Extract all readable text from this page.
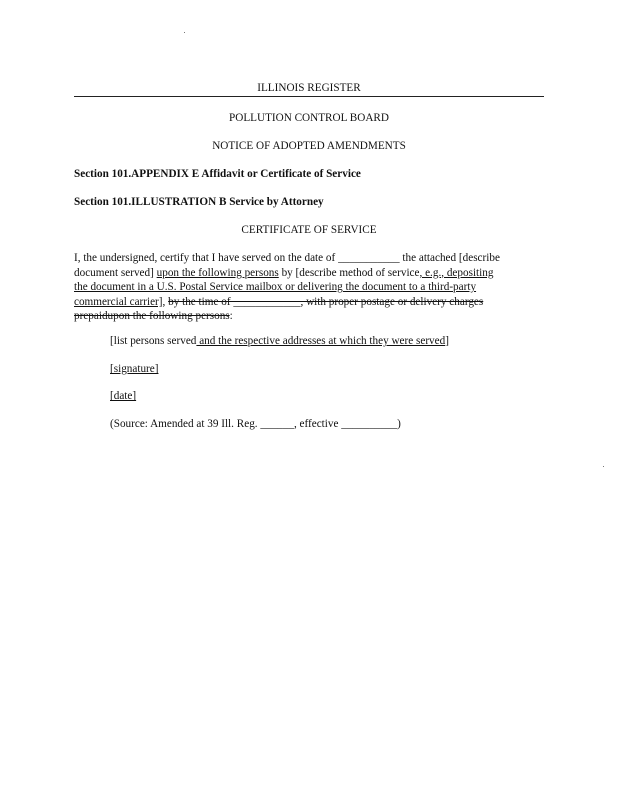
ILLINOIS REGISTER
POLLUTION CONTROL BOARD
NOTICE OF ADOPTED AMENDMENTS
Section 101.APPENDIX E Affidavit or Certificate of Service
Section 101.ILLUSTRATION B Service by Attorney
CERTIFICATE OF SERVICE
I, the undersigned, certify that I have served on the date of ___________ the attached [describe
document served] upon the following persons by [describe method of service, e.g., depositing
the document in a U.S. Postal Service mailbox or delivering the document to a third-party
commercial carrier], by the time of ____________, with proper postage or delivery charges
prepaidupon the following persons:
[list persons served and the respective addresses at which they were served]
[signature]
[date]
(Source: Amended at 39 Ill. Reg. ______, effective __________)
